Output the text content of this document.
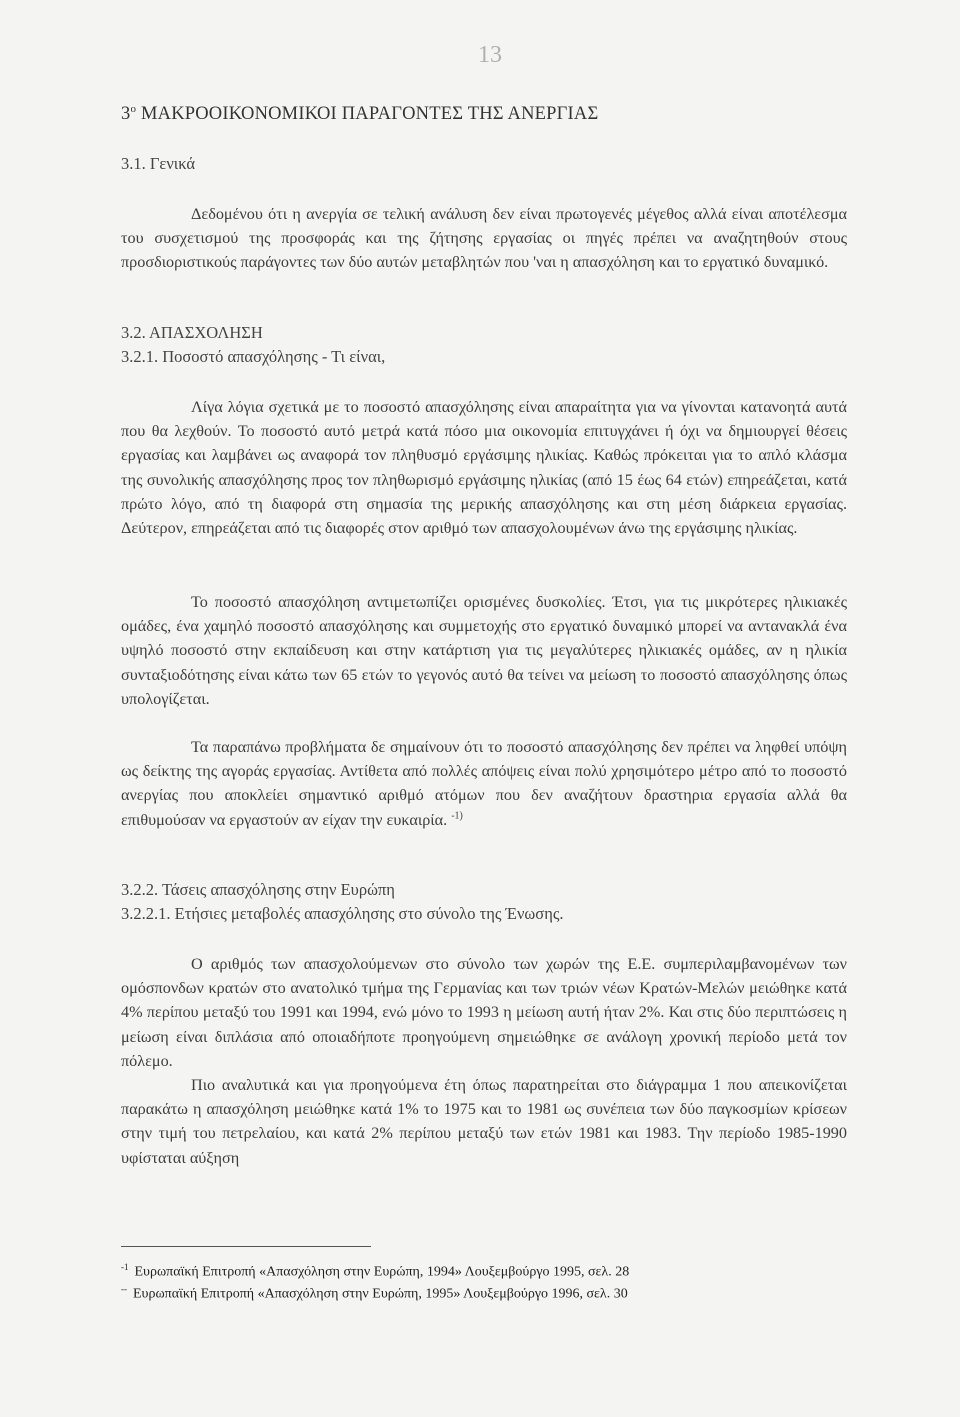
13
$3^o$ ΜΑΚΡΟΟΙΚΟΝΟΜΙΚΟΙ ΠΑΡΑΓΟΝΤΕΣ ΤΗΣ ΑΝΕΡΓΙΑΣ
3.1. Γενικά

Δεδομένου ότι η ανεργία σε τελική ανάλυση δεν είναι πρωτογενές μέγεθος αλλά είναι αποτέλεσμα του συσχετισμού της προσφοράς και της ζήτησης εργασίας οι πηγές πρέπει να αναζητηθούν στους προσδιοριστικούς παράγοντες των δύο αυτών μεταβλητών που 'ναι η απασχόληση και το εργατικό δυναμικό.

3.2. ΑΠΑΣΧΟΛΗΣΗ
3.2.1. Ποσοστό απασχόλησης - Τι είναι,

Λίγα λόγια σχετικά με το ποσοστό απασχόλησης είναι απαραίτητα για να γίνονται κατανοητά αυτά που θα λεχθούν. Το ποσοστό αυτό μετρά κατά πόσο μια οικονομία επιτυγχάνει ή όχι να δημιουργεί θέσεις εργασίας και λαμβάνει ως αναφορά τον πληθυσμό εργάσιμης ηλικίας. Καθώς πρόκειται για το απλό κλάσμα της συνολικής απασχόλησης προς τον πληθωρισμό εργάσιμης ηλικίας (από 15 έως 64 ετών) επηρεάζεται, κατά πρώτο λόγο, από τη διαφορά στη σημασία της μερικής απασχόλησης και στη μέση διάρκεια εργασίας. Δεύτερον, επηρεάζεται από τις διαφορές στον αριθμό των απασχολουμένων άνω της εργάσιμης ηλικίας.

Το ποσοστό απασχόληση αντιμετωπίζει ορισμένες δυσκολίες. Έτσι, για τις μικρότερες ηλικιακές ομάδες, ένα χαμηλό ποσοστό απασχόλησης και συμμετοχής στο εργατικό δυναμικό μπορεί να αντανακλά ένα υψηλό ποσοστό στην εκπαίδευση και στην κατάρτιση για τις μεγαλύτερες ηλικιακές ομάδες, αν η ηλικία συνταξιοδότησης είναι κάτω των 65 ετών το γεγονός αυτό θα τείνει να μείωση το ποσοστό απασχόλησης όπως υπολογίζεται.

Τα παραπάνω προβλήματα δε σημαίνουν ότι το ποσοστό απασχόλησης δεν πρέπει να ληφθεί υπόψη ως δείκτης της αγοράς εργασίας. Αντίθετα από πολλές απόψεις είναι πολύ χρησιμότερο μέτρο από το ποσοστό ανεργίας που αποκλείει σημαντικό αριθμό ατόμων που δεν αναζήτουν δραστηρια εργασία αλλά θα επιθυμούσαν να εργαστούν αν είχαν την ευκαιρία. $^{-1)}$

3.2.2. Τάσεις απασχόλησης στην Ευρώπη
3.2.2.1. Ετήσιες μεταβολές απασχόλησης στο σύνολο της Ένωσης.

Ο αριθμός των απασχολούμενων στο σύνολο των χωρών της Ε.Ε. συμπεριλαμβανομένων των ομόσπονδων κρατών στο ανατολικό τμήμα της Γερμανίας και των τριών νέων Κρατών-Μελών μειώθηκε κατά 4% περίπου μεταξύ του 1991 και 1994, ενώ μόνο το 1993 η μείωση αυτή ήταν 2%. Και στις δύο περιπτώσεις η μείωση είναι διπλάσια από οποιαδήποτε προηγούμενη σημειώθηκε σε ανάλογη χρονική περίοδο μετά τον πόλεμο.

Πιο αναλυτικά και για προηγούμενα έτη όπως παρατηρείται στο διάγραμμα 1 που απεικονίζεται παρακάτω η απασχόληση μειώθηκε κατά 1% το 1975 και το 1981 ως συνέπεια των δύο παγκοσμίων κρίσεων στην τιμή του πετρελαίου, και κατά 2% περίπου μεταξύ των ετών 1981 και 1983. Την περίοδο 1985-1990 υφίσταται αύξηση

$^{-1}$ Ευρωπαϊκή Επιτροπή «Απασχόληση στην Ευρώπη, 1994» Λουξεμβούργο 1995, σελ. 28
-- Ευρωπαϊκή Επιτροπή «Απασχόληση στην Ευρώπη, 1995» Λουξεμβούργο 1996, σελ. 30
